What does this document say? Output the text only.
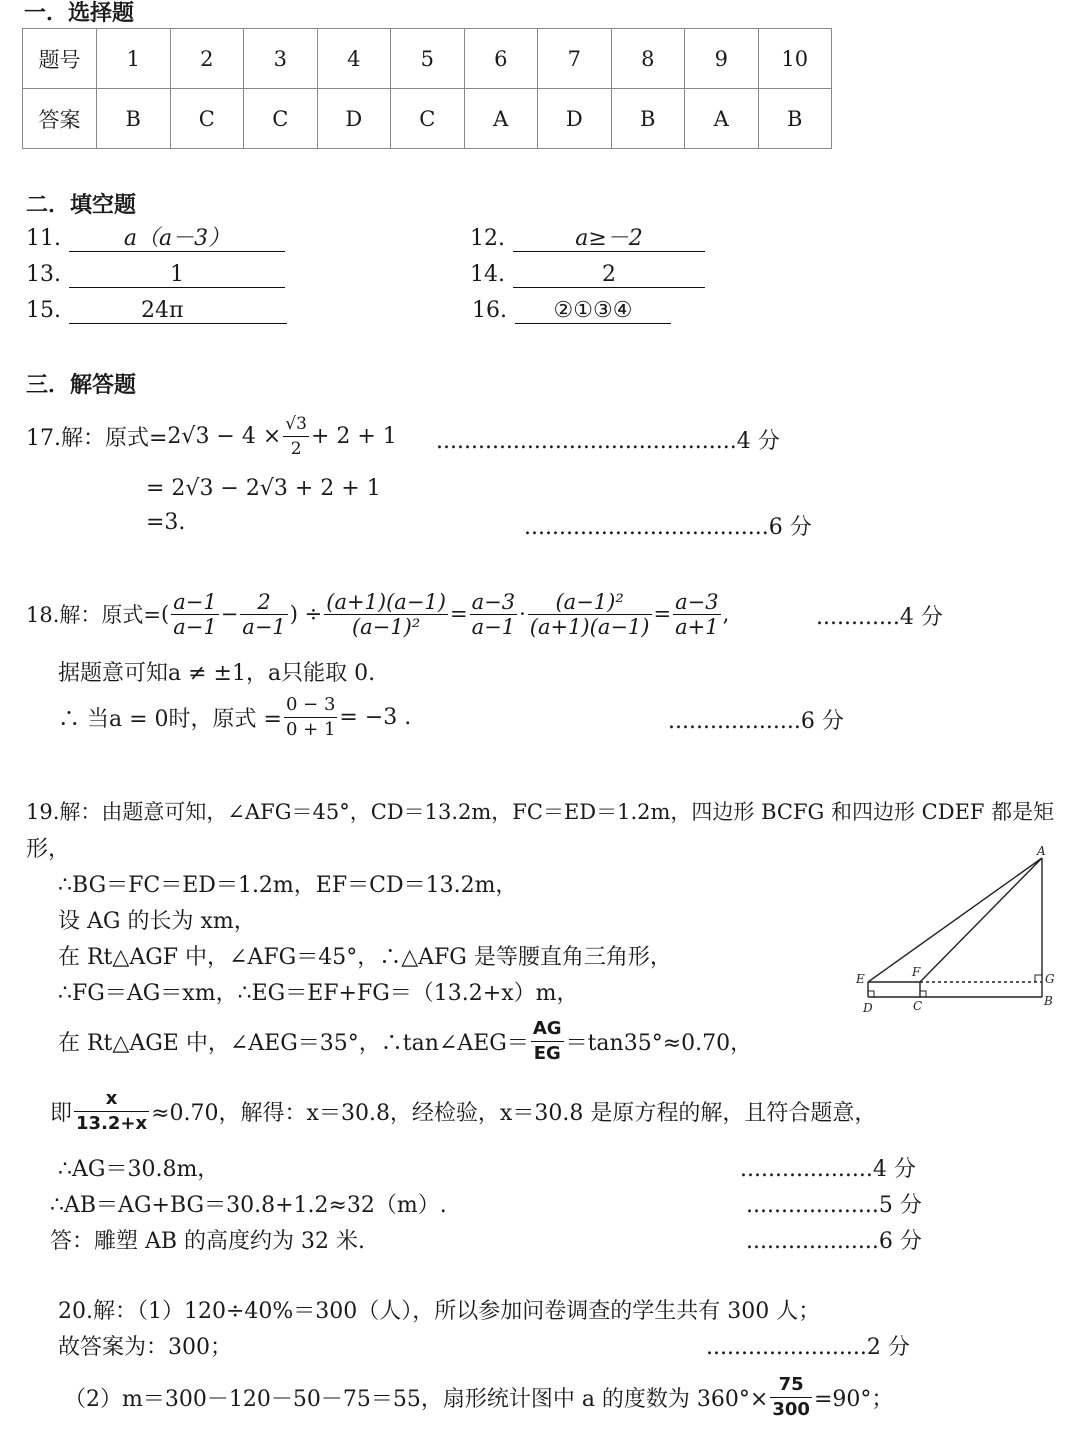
一．选择题
题号	1	2	3	4	5	6	7	8	9	10
答案	B	C	C	D	C	A	D	B	A	B
二．填空题
11.	a（a－3）	12.	a≥－2
13.	1	14.	2
15.	24π	16. ②①③④
三．解答题
17.解：原式= $2√3 - 4 \times \frac{√3}{2} + 2 + 1$ ...........................................4 分
= 2√3 − 2√3 + 2 + 1
=3.	...................................6 分
18.解：原式= ( $\frac{a-1}{a-1} - \frac{2}{a-1}$ ) ÷ $\frac{(a+1)(a-1)}{\text{(a−1)²}} = \frac{a-3}{a-1} \cdot \frac{\text{(a−1)²}}{(a+1)(a-1)} = \frac{a-3}{a+1}$ ,	............4 分
据题意可知a ≠ ±1，a只能取 0.
∴ 当a = 0时，原式 = $\frac{0 - 3}{0 + 1} = -3$ .	...................6 分
19.解：由题意可知，∠AFG＝45°，CD＝13.2m，FC＝ED＝1.2m，四边形 BCFG 和四边形 CDEF 都是矩
形，
∴BG＝FC＝ED＝1.2m，EF＝CD＝13.2m，
设 AG 的长为 xm，
在 Rt△AGF 中，∠AFG＝45°，∴△AFG 是等腰直角三角形，
∴FG＝AG＝xm，∴EG＝EF+FG＝（13.2+x）m，
在 Rt△AGE 中，∠AEG＝35°，∴tan∠AEG＝ $\frac{AG}{EG} =\tan 35^\circ\approx 0.70$，
即 $\frac{x}{13.2+x} \approx 0.70$，解得：x＝30.8，经检验，x＝30.8 是原方程的解，且符合题意，
∴AG＝30.8m，	...................4 分
∴AB＝AG+BG＝30.8+1.2≈32（m）.	...................5 分
答：雕塑 AB 的高度约为 32 米.	...................6 分
A
E	F	G
D	C	B
20.解：（1）120÷40%＝300（人），所以参加问卷调查的学生共有 300 人；
故答案为：300；	.......................2 分
（2）m＝300－120－50－75＝55，扇形统计图中 a 的度数为 $360^\circ\times \frac{75}{300} =90^\circ$；
